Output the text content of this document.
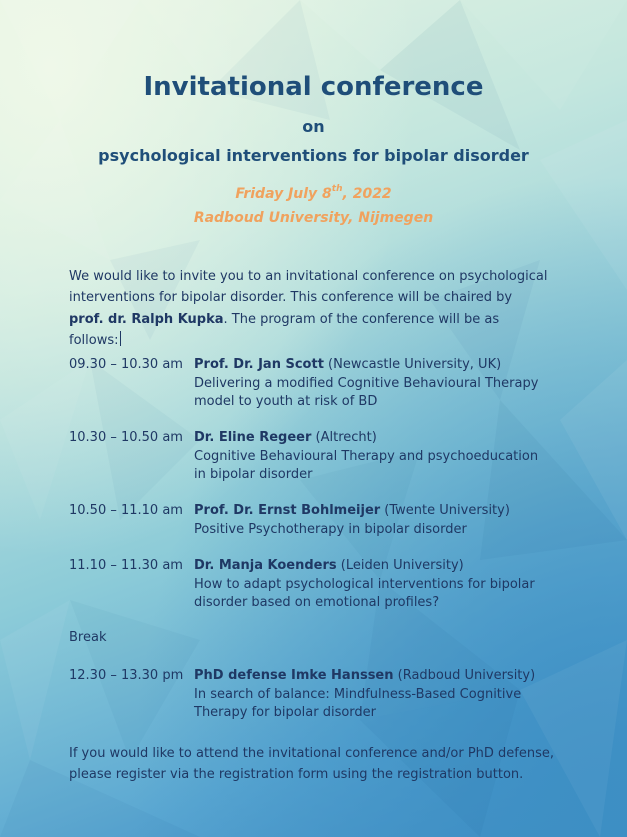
Invitational conference
on
psychological interventions for bipolar disorder
Friday July 8th, 2022
Radboud University, Nijmegen
We would like to invite you to an invitational conference on psychological interventions for bipolar disorder. This conference will be chaired by prof. dr. Ralph Kupka. The program of the conference will be as follows:
09.30 – 10.30 am Prof. Dr. Jan Scott (Newcastle University, UK)
Delivering a modified Cognitive Behavioural Therapy model to youth at risk of BD
10.30 – 10.50 am Dr. Eline Regeer (Altrecht)
Cognitive Behavioural Therapy and psychoeducation in bipolar disorder
10.50 – 11.10 am Prof. Dr. Ernst Bohlmeijer (Twente University)
Positive Psychotherapy in bipolar disorder
11.10 – 11.30 am Dr. Manja Koenders (Leiden University)
How to adapt psychological interventions for bipolar disorder based on emotional profiles?
Break
12.30 – 13.30 pm PhD defense Imke Hanssen (Radboud University)
In search of balance: Mindfulness-Based Cognitive Therapy for bipolar disorder
If you would like to attend the invitational conference and/or PhD defense, please register via the registration form using the registration button.
